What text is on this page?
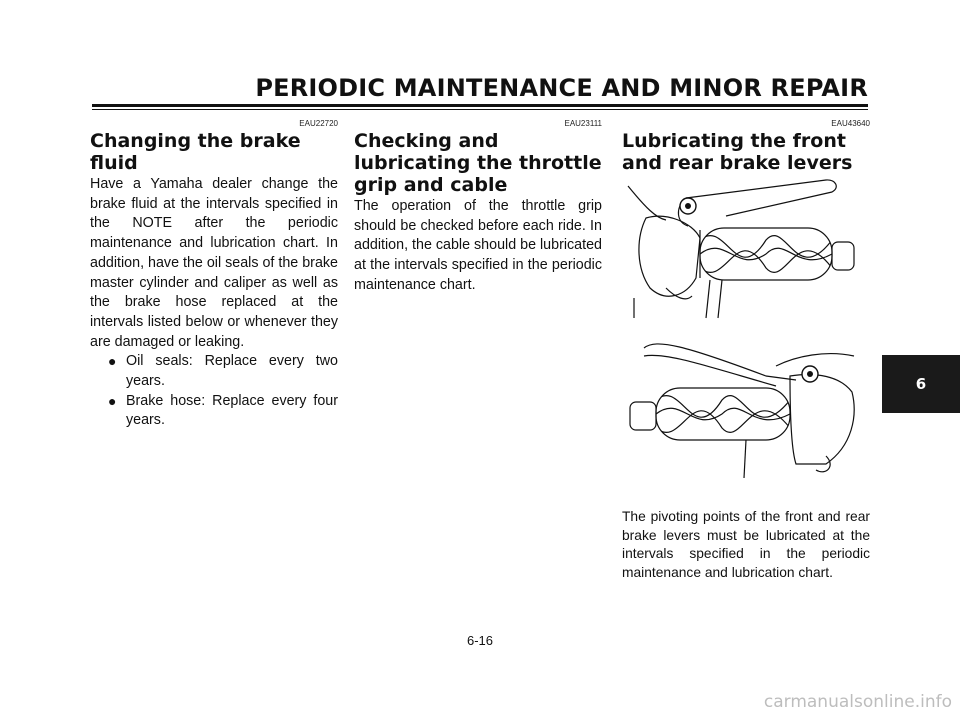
PERIODIC MAINTENANCE AND MINOR REPAIR
EAU22720
Changing the brake fluid

Have a Yamaha dealer change the brake fluid at the intervals specified in the NOTE after the periodic maintenance and lubrication chart. In addition, have the oil seals of the brake master cylinder and caliper as well as the brake hose replaced at the intervals listed below or whenever they are damaged or leaking.

● Oil seals: Replace every two years.
● Brake hose: Replace every four years.
EAU23111
Checking and lubricating the throttle grip and cable

The operation of the throttle grip should be checked before each ride. In addition, the cable should be lubricated at the intervals specified in the periodic maintenance chart.

EAU43640
Lubricating the front and rear brake levers

The pivoting points of the front and rear brake levers must be lubricated at the intervals specified in the periodic maintenance and lubrication chart.

6
6-16
carmanualsonline.info
